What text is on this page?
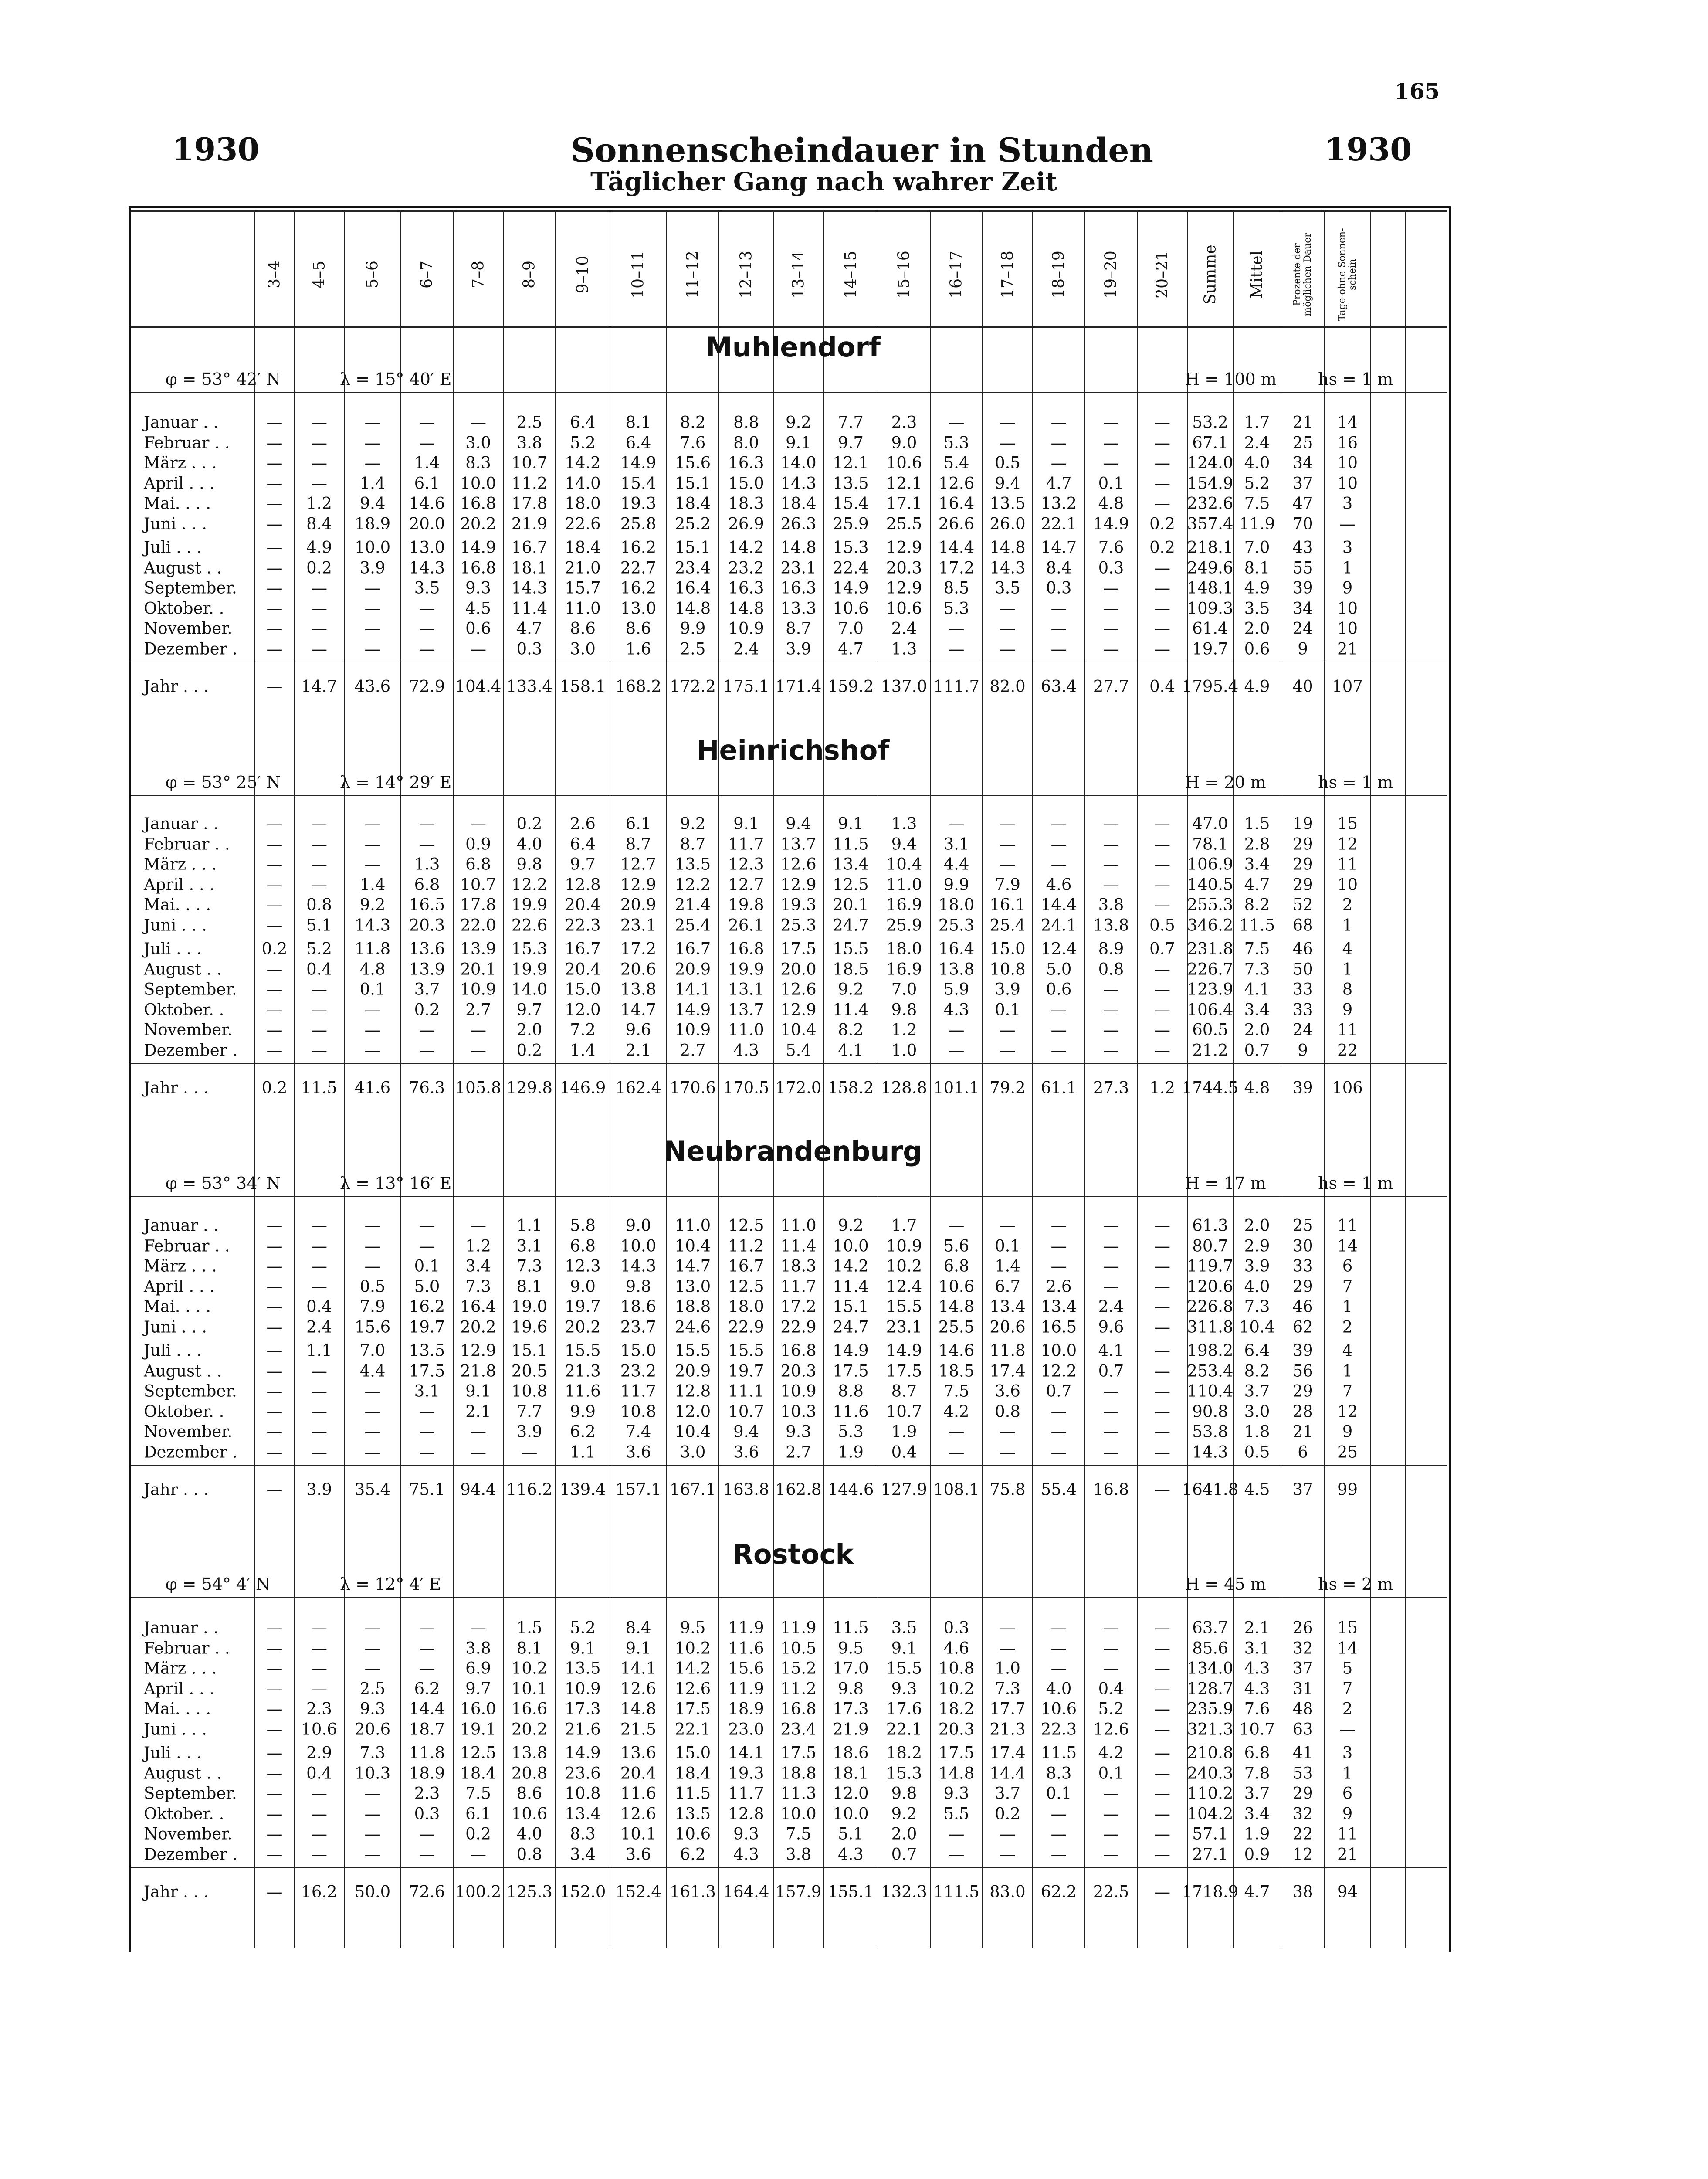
165
1930	Sonnenscheindauer in Stunden	1930
Täglicher Gang nach wahrer Zeit
3–4 4–5 5–6 6–7 7–8 8–9 9–10 10–11 11–12 12–13 13–14 14–15 15–16 16–17 17–18 18–19 19–20 20–21 Summe Mittel	Prozente der möglichen Dauer Tage ohne Sonnen-schein
Muhlendorf
φ = 53° 42′ N	λ = 15° 40′ E	H = 100 m	hs = 1 m
Januar . .	— — — — — 2.5 6.4 8.1 8.2 8.8 9.2 7.7 2.3 — — — — — 53.2 1.7 21 14
Februar . . — — — — 3.0 3.8 5.2 6.4 7.6 8.0 9.1 9.7 9.0 5.3 — — — — 67.1 2.4 25 16
März . . .	— — — 1.4 8.3 10.7 14.2 14.9 15.6 16.3 14.0 12.1 10.6 5.4 0.5 — — — 124.0 4.0 34 10
April . . .	— — 1.4 6.1 10.0 11.2 14.0 15.4 15.1 15.0 14.3 13.5 12.1 12.6 9.4 4.7 0.1 — 154.9 5.2 37 10
Mai. . . .	— 1.2 9.4 14.6 16.8 17.8 18.0 19.3 18.4 18.3 18.4 15.4 17.1 16.4 13.5 13.2 4.8 — 232.6 7.5 47 3
Juni . . .	— 8.4 18.9 20.0 20.2 21.9 22.6 25.8 25.2 26.9 26.3 25.9 25.5 26.6 26.0 22.1 14.9 0.2 357.4 11.9 70 —
Juli . . .	— 4.9 10.0 13.0 14.9 16.7 18.4 16.2 15.1 14.2 14.8 15.3 12.9 14.4 14.8 14.7 7.6 0.2 218.1 7.0 43 3
August . .	— 0.2 3.9 14.3 16.8 18.1 21.0 22.7 23.4 23.2 23.1 22.4 20.3 17.2 14.3 8.4 0.3 — 249.6 8.1 55 1
September. — — — 3.5 9.3 14.3 15.7 16.2 16.4 16.3 16.3 14.9 12.9 8.5 3.5 0.3 — — 148.1 4.9 39 9
Oktober. .	— — — — 4.5 11.4 11.0 13.0 14.8 14.8 13.3 10.6 10.6 5.3 — — — — 109.3 3.5 34 10
November. — — — — 0.6 4.7 8.6 8.6 9.9 10.9 8.7 7.0 2.4 — — — — — 61.4 2.0 24 10
Dezember . — — — — — 0.3 3.0 1.6 2.5 2.4 3.9 4.7 1.3 — — — — — 19.7 0.6 9 21
Jahr . . .	— 14.7 43.6 72.9 104.4 133.4 158.1 168.2 172.2 175.1 171.4 159.2 137.0 111.7 82.0 63.4 27.7 0.4 1795.4 4.9 40 107
Heinrichshof
φ = 53° 25′ N	λ = 14° 29′ E	H = 20 m	hs = 1 m
Januar . .	— — — — — 0.2 2.6 6.1 9.2 9.1 9.4 9.1 1.3 — — — — — 47.0 1.5 19 15
Februar . . — — — — 0.9 4.0 6.4 8.7 8.7 11.7 13.7 11.5 9.4 3.1 — — — — 78.1 2.8 29 12
März . . .	— — — 1.3 6.8 9.8 9.7 12.7 13.5 12.3 12.6 13.4 10.4 4.4 — — — — 106.9 3.4 29 11
April . . .	— — 1.4 6.8 10.7 12.2 12.8 12.9 12.2 12.7 12.9 12.5 11.0 9.9 7.9 4.6 — — 140.5 4.7 29 10
Mai. . . .	— 0.8 9.2 16.5 17.8 19.9 20.4 20.9 21.4 19.8 19.3 20.1 16.9 18.0 16.1 14.4 3.8 — 255.3 8.2 52 2
Juni . . .	— 5.1 14.3 20.3 22.0 22.6 22.3 23.1 25.4 26.1 25.3 24.7 25.9 25.3 25.4 24.1 13.8 0.5 346.2 11.5 68 1
Juli . . .	0.2 5.2 11.8 13.6 13.9 15.3 16.7 17.2 16.7 16.8 17.5 15.5 18.0 16.4 15.0 12.4 8.9 0.7 231.8 7.5 46 4
August . .	— 0.4 4.8 13.9 20.1 19.9 20.4 20.6 20.9 19.9 20.0 18.5 16.9 13.8 10.8 5.0 0.8 — 226.7 7.3 50 1
September. — — 0.1 3.7 10.9 14.0 15.0 13.8 14.1 13.1 12.6 9.2 7.0 5.9 3.9 0.6 — — 123.9 4.1 33 8
Oktober. .	— — — 0.2 2.7 9.7 12.0 14.7 14.9 13.7 12.9 11.4 9.8 4.3 0.1 — — — 106.4 3.4 33 9
November. — — — — — 2.0 7.2 9.6 10.9 11.0 10.4 8.2 1.2 — — — — — 60.5 2.0 24 11
Dezember . — — — — — 0.2 1.4 2.1 2.7 4.3 5.4 4.1 1.0 — — — — — 21.2 0.7 9 22
Jahr . . .	0.2 11.5 41.6 76.3 105.8 129.8 146.9 162.4 170.6 170.5 172.0 158.2 128.8 101.1 79.2 61.1 27.3 1.2 1744.5 4.8 39 106
Neubrandenburg
φ = 53° 34′ N	λ = 13° 16′ E	H = 17 m	hs = 1 m
Januar . .	— — — — — 1.1 5.8 9.0 11.0 12.5 11.0 9.2 1.7 — — — — — 61.3 2.0 25 11
Februar . . — — — — 1.2 3.1 6.8 10.0 10.4 11.2 11.4 10.0 10.9 5.6 0.1 — — — 80.7 2.9 30 14
März . . .	— — — 0.1 3.4 7.3 12.3 14.3 14.7 16.7 18.3 14.2 10.2 6.8 1.4 — — — 119.7 3.9 33 6
April . . .	— — 0.5 5.0 7.3 8.1 9.0 9.8 13.0 12.5 11.7 11.4 12.4 10.6 6.7 2.6 — — 120.6 4.0 29 7
Mai. . . .	— 0.4 7.9 16.2 16.4 19.0 19.7 18.6 18.8 18.0 17.2 15.1 15.5 14.8 13.4 13.4 2.4 — 226.8 7.3 46 1
Juni . . .	— 2.4 15.6 19.7 20.2 19.6 20.2 23.7 24.6 22.9 22.9 24.7 23.1 25.5 20.6 16.5 9.6 — 311.8 10.4 62 2
Juli . . .	— 1.1 7.0 13.5 12.9 15.1 15.5 15.0 15.5 15.5 16.8 14.9 14.9 14.6 11.8 10.0 4.1 — 198.2 6.4 39 4
August . .	— — 4.4 17.5 21.8 20.5 21.3 23.2 20.9 19.7 20.3 17.5 17.5 18.5 17.4 12.2 0.7 — 253.4 8.2 56 1
September. — — — 3.1 9.1 10.8 11.6 11.7 12.8 11.1 10.9 8.8 8.7 7.5 3.6 0.7 — — 110.4 3.7 29 7
Oktober. .	— — — — 2.1 7.7 9.9 10.8 12.0 10.7 10.3 11.6 10.7 4.2 0.8 — — — 90.8 3.0 28 12
November. — — — — — 3.9 6.2 7.4 10.4 9.4 9.3 5.3 1.9 — — — — — 53.8 1.8 21 9
Dezember . — — — — — — 1.1 3.6 3.0 3.6 2.7 1.9 0.4 — — — — — 14.3 0.5 6 25
Jahr . . .	— 3.9 35.4 75.1 94.4 116.2 139.4 157.1 167.1 163.8 162.8 144.6 127.9 108.1 75.8 55.4 16.8 — 1641.8 4.5 37 99
Rostock
φ = 54° 4′ N	λ = 12° 4′ E	H = 45 m	hs = 2 m
Januar . .	— — — — — 1.5 5.2 8.4 9.5 11.9 11.9 11.5 3.5 0.3 — — — — 63.7 2.1 26 15
Februar . . — — — — 3.8 8.1 9.1 9.1 10.2 11.6 10.5 9.5 9.1 4.6 — — — — 85.6 3.1 32 14
März . . .	— — — — 6.9 10.2 13.5 14.1 14.2 15.6 15.2 17.0 15.5 10.8 1.0 — — — 134.0 4.3 37 5
April . . .	— — 2.5 6.2 9.7 10.1 10.9 12.6 12.6 11.9 11.2 9.8 9.3 10.2 7.3 4.0 0.4 — 128.7 4.3 31 7
Mai. . . .	— 2.3 9.3 14.4 16.0 16.6 17.3 14.8 17.5 18.9 16.8 17.3 17.6 18.2 17.7 10.6 5.2 — 235.9 7.6 48 2
Juni . . .	— 10.6 20.6 18.7 19.1 20.2 21.6 21.5 22.1 23.0 23.4 21.9 22.1 20.3 21.3 22.3 12.6 — 321.3 10.7 63 —
Juli . . .	— 2.9 7.3 11.8 12.5 13.8 14.9 13.6 15.0 14.1 17.5 18.6 18.2 17.5 17.4 11.5 4.2 — 210.8 6.8 41 3
August . .	— 0.4 10.3 18.9 18.4 20.8 23.6 20.4 18.4 19.3 18.8 18.1 15.3 14.8 14.4 8.3 0.1 — 240.3 7.8 53 1
September. — — — 2.3 7.5 8.6 10.8 11.6 11.5 11.7 11.3 12.0 9.8 9.3 3.7 0.1 — — 110.2 3.7 29 6
Oktober. .	— — — 0.3 6.1 10.6 13.4 12.6 13.5 12.8 10.0 10.0 9.2 5.5 0.2 — — — 104.2 3.4 32 9
November. — — — — 0.2 4.0 8.3 10.1 10.6 9.3 7.5 5.1 2.0 — — — — — 57.1 1.9 22 11
Dezember . — — — — — 0.8 3.4 3.6 6.2 4.3 3.8 4.3 0.7 — — — — — 27.1 0.9 12 21
Jahr . . .	— 16.2 50.0 72.6 100.2 125.3 152.0 152.4 161.3 164.4 157.9 155.1 132.3 111.5 83.0 62.2 22.5 — 1718.9 4.7 38 94
